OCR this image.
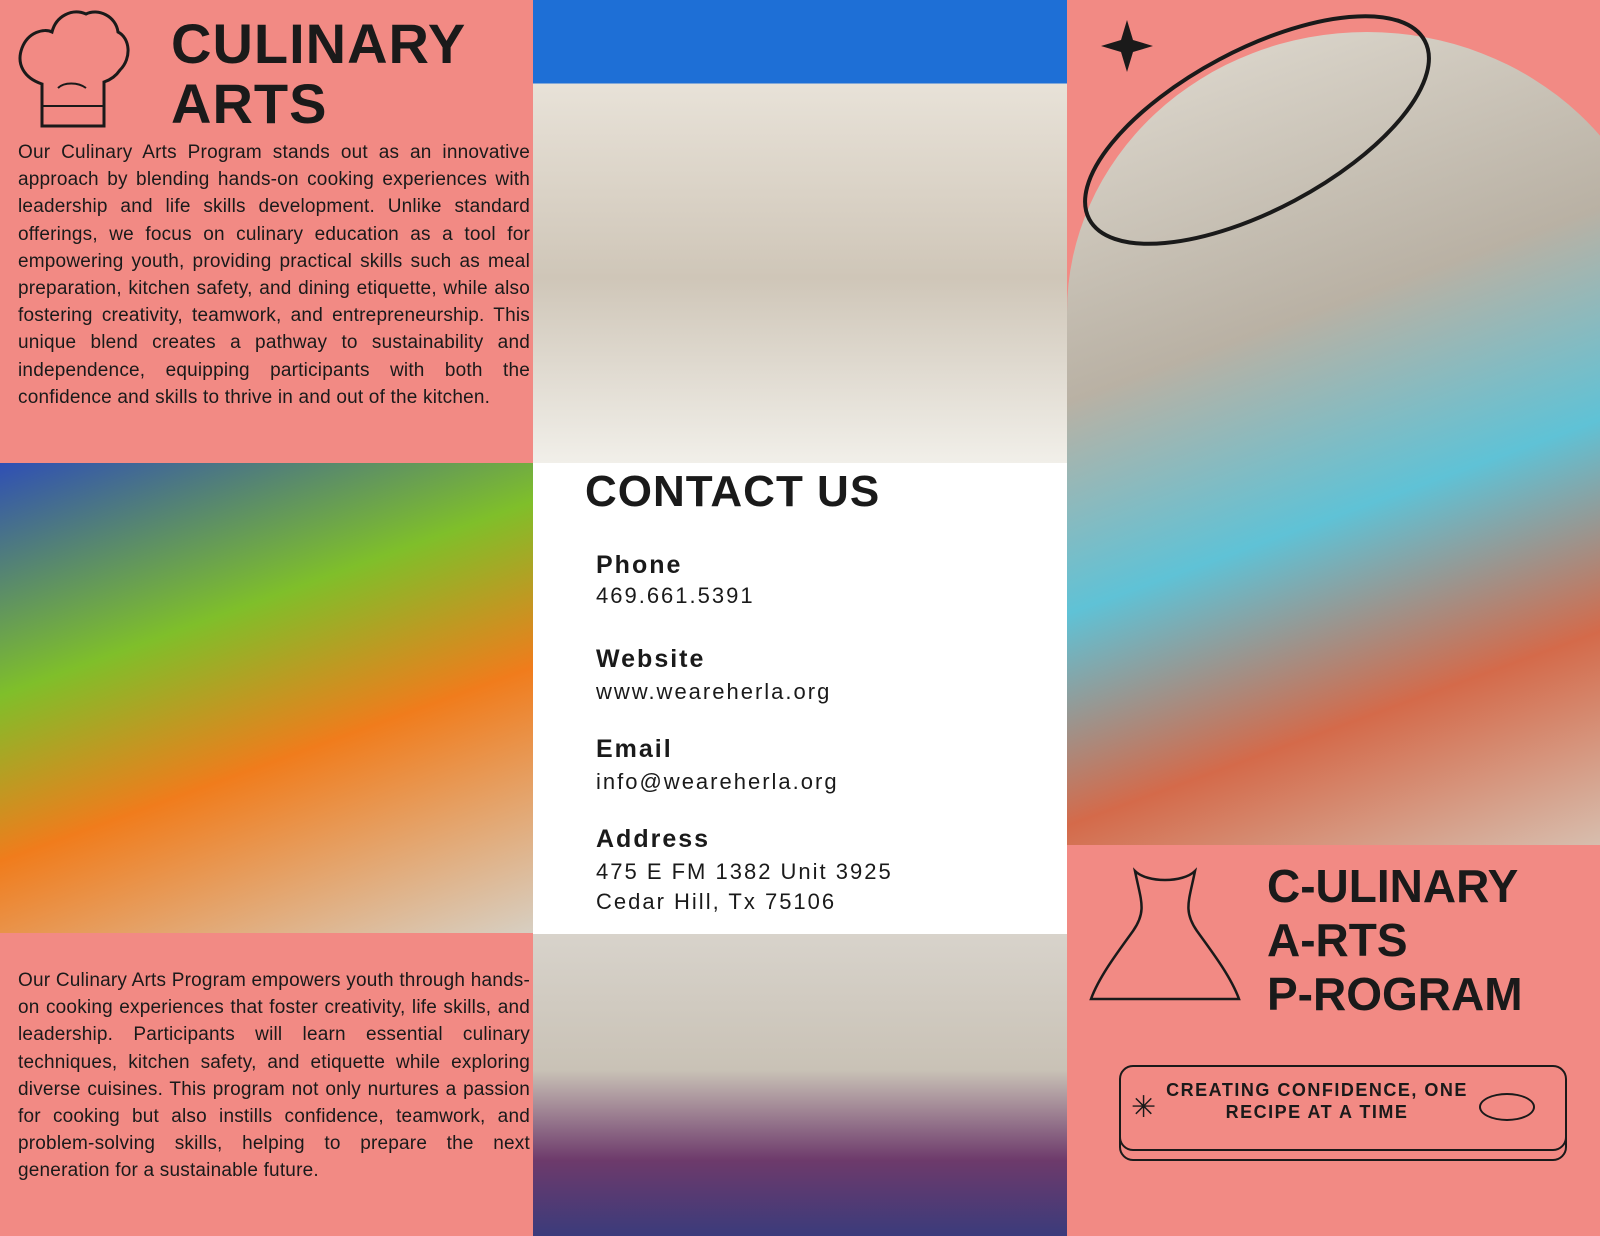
CULINARY
ARTS

Our Culinary Arts Program stands out as an innovative approach by blending hands-on cooking experiences with leadership and life skills development. Unlike standard offerings, we focus on culinary education as a tool for empowering youth, providing practical skills such as meal preparation, kitchen safety, and dining etiquette, while also fostering creativity, teamwork, and entrepreneurship. This unique blend creates a pathway to sustainability and independence, equipping participants with both the confidence and skills to thrive in and out of the kitchen.

CONTACT US
Phone
469.661.5391
Website
www.weareherla.org
Email
info@weareherla.org
Address
475 E FM 1382 Unit 3925
Cedar Hill, Tx 75106

Our Culinary Arts Program empowers youth through hands-on cooking experiences that foster creativity, life skills, and leadership. Participants will learn essential culinary techniques, kitchen safety, and etiquette while exploring diverse cuisines. This program not only nurtures a passion for cooking but also instills confidence, teamwork, and problem-solving skills, helping to prepare the next generation for a sustainable future.

C-ULINARY
A-RTS
P-ROGRAM
✳
CREATING CONFIDENCE, ONE
RECIPE AT A TIME
